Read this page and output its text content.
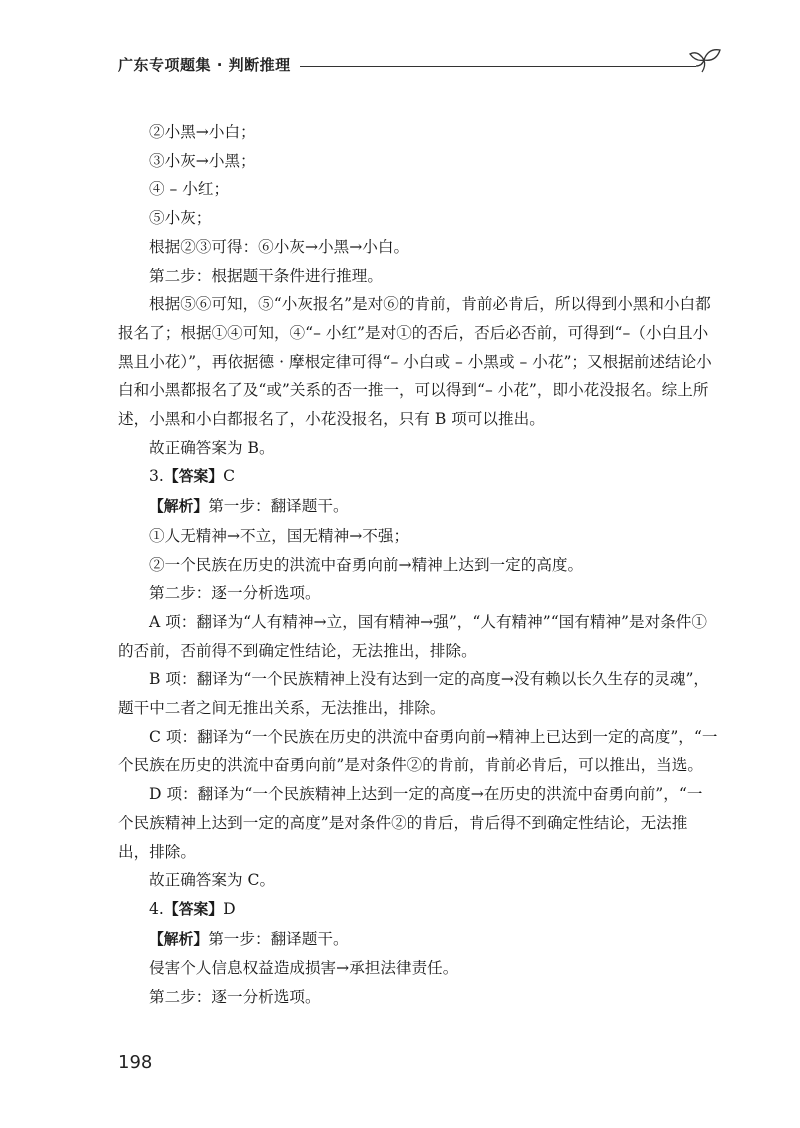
广东专项题集 · 判断推理

②小黑→小白；

③小灰→小黑；

④ – 小红；

⑤小灰；

根据②③可得：⑥小灰→小黑→小白。

第二步：根据题干条件进行推理。

根据⑤⑥可知，⑤“小灰报名”是对⑥的肯前，肯前必肯后，所以得到小黑和小白都报名了；根据①④可知，④“– 小红”是对①的否后，否后必否前，可得到“–（小白且小黑且小花）”，再依据德 · 摩根定律可得“– 小白或 – 小黑或 – 小花”；又根据前述结论小白和小黑都报名了及“或”关系的否一推一，可以得到“– 小花”，即小花没报名。综上所述，小黑和小白都报名了，小花没报名，只有 B 项可以推出。

故正确答案为 B。

3.【答案】C

【解析】第一步：翻译题干。

①人无精神→不立，国无精神→不强；

②一个民族在历史的洪流中奋勇向前→精神上达到一定的高度。

第二步：逐一分析选项。

A 项：翻译为“人有精神→立，国有精神→强”，“人有精神”“国有精神”是对条件①的否前，否前得不到确定性结论，无法推出，排除。

B 项：翻译为“一个民族精神上没有达到一定的高度→没有赖以长久生存的灵魂”，题干中二者之间无推出关系，无法推出，排除。

C 项：翻译为“一个民族在历史的洪流中奋勇向前→精神上已达到一定的高度”，“一个民族在历史的洪流中奋勇向前”是对条件②的肯前，肯前必肯后，可以推出，当选。

D 项：翻译为“一个民族精神上达到一定的高度→在历史的洪流中奋勇向前”，“一个民族精神上达到一定的高度”是对条件②的肯后，肯后得不到确定性结论，无法推出，排除。

故正确答案为 C。

4.【答案】D

【解析】第一步：翻译题干。

侵害个人信息权益造成损害→承担法律责任。

第二步：逐一分析选项。

198
